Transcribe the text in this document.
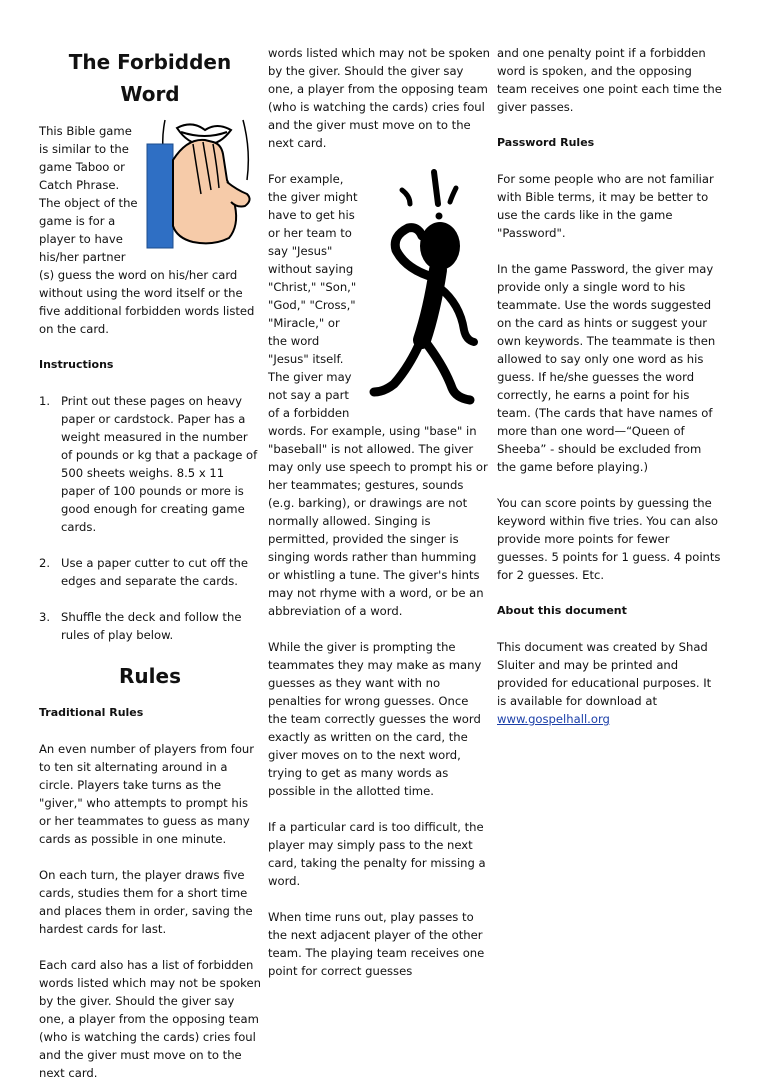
The Forbidden Word

This Bible game is similar to the game Taboo or Catch Phrase. The object of the game is for a player to have his/her partner (s) guess the word on his/her card without using the word itself or the five additional forbidden words listed on the card.

Instructions
1. Print out these pages on heavy paper or cardstock. Paper has a weight measured in the number of pounds or kg that a package of 500 sheets weighs. 8.5 x 11 paper of 100 pounds or more is good enough for creating game cards.
2. Use a paper cutter to cut off the edges and separate the cards.
3. Shuffle the deck and follow the rules of play below.
Rules
Traditional Rules

An even number of players from four to ten sit alternating around in a circle. Players take turns as the "giver," who attempts to prompt his or her teammates to guess as many cards as possible in one minute.

On each turn, the player draws five cards, studies them for a short time and places them in order, saving the hardest cards for last.

Each card also has a list of forbidden words listed which may not be spoken by the giver. Should the giver say one, a player from the opposing team (who is watching the cards) cries foul and the giver must move on to the next card.

words listed which may not be spoken by the giver. Should the giver say one, a player from the opposing team (who is watching the cards) cries foul and the giver must move on to the next card.

For example, the giver might have to get his or her team to say "Jesus" without saying "Christ," "Son," "God," "Cross," "Miracle," or the word "Jesus" itself. The giver may not say a part of a forbidden words. For example, using "base" in "baseball" is not allowed. The giver may only use speech to prompt his or her teammates; gestures, sounds (e.g. barking), or drawings are not normally allowed. Singing is permitted, provided the singer is singing words rather than humming or whistling a tune. The giver's hints may not rhyme with a word, or be an abbreviation of a word.

While the giver is prompting the teammates they may make as many guesses as they want with no penalties for wrong guesses. Once the team correctly guesses the word exactly as written on the card, the giver moves on to the next word, trying to get as many words as possible in the allotted time.

If a particular card is too difficult, the player may simply pass to the next card, taking the penalty for missing a word.

When time runs out, play passes to the next adjacent player of the other team. The playing team receives one point for correct guesses

and one penalty point if a forbidden word is spoken, and the opposing team receives one point each time the giver passes.

Password Rules

For some people who are not familiar with Bible terms, it may be better to use the cards like in the game "Password".

In the game Password, the giver may provide only a single word to his teammate. Use the words suggested on the card as hints or suggest your own keywords. The teammate is then allowed to say only one word as his guess. If he/she guesses the word correctly, he earns a point for his team. (The cards that have names of more than one word—“Queen of Sheeba” - should be excluded from the game before playing.)

You can score points by guessing the keyword within five tries. You can also provide more points for fewer guesses. 5 points for 1 guess. 4 points for 2 guesses. Etc.

About this document

This document was created by Shad Sluiter and may be printed and provided for educational purposes. It is available for download at www.gospelhall.org
